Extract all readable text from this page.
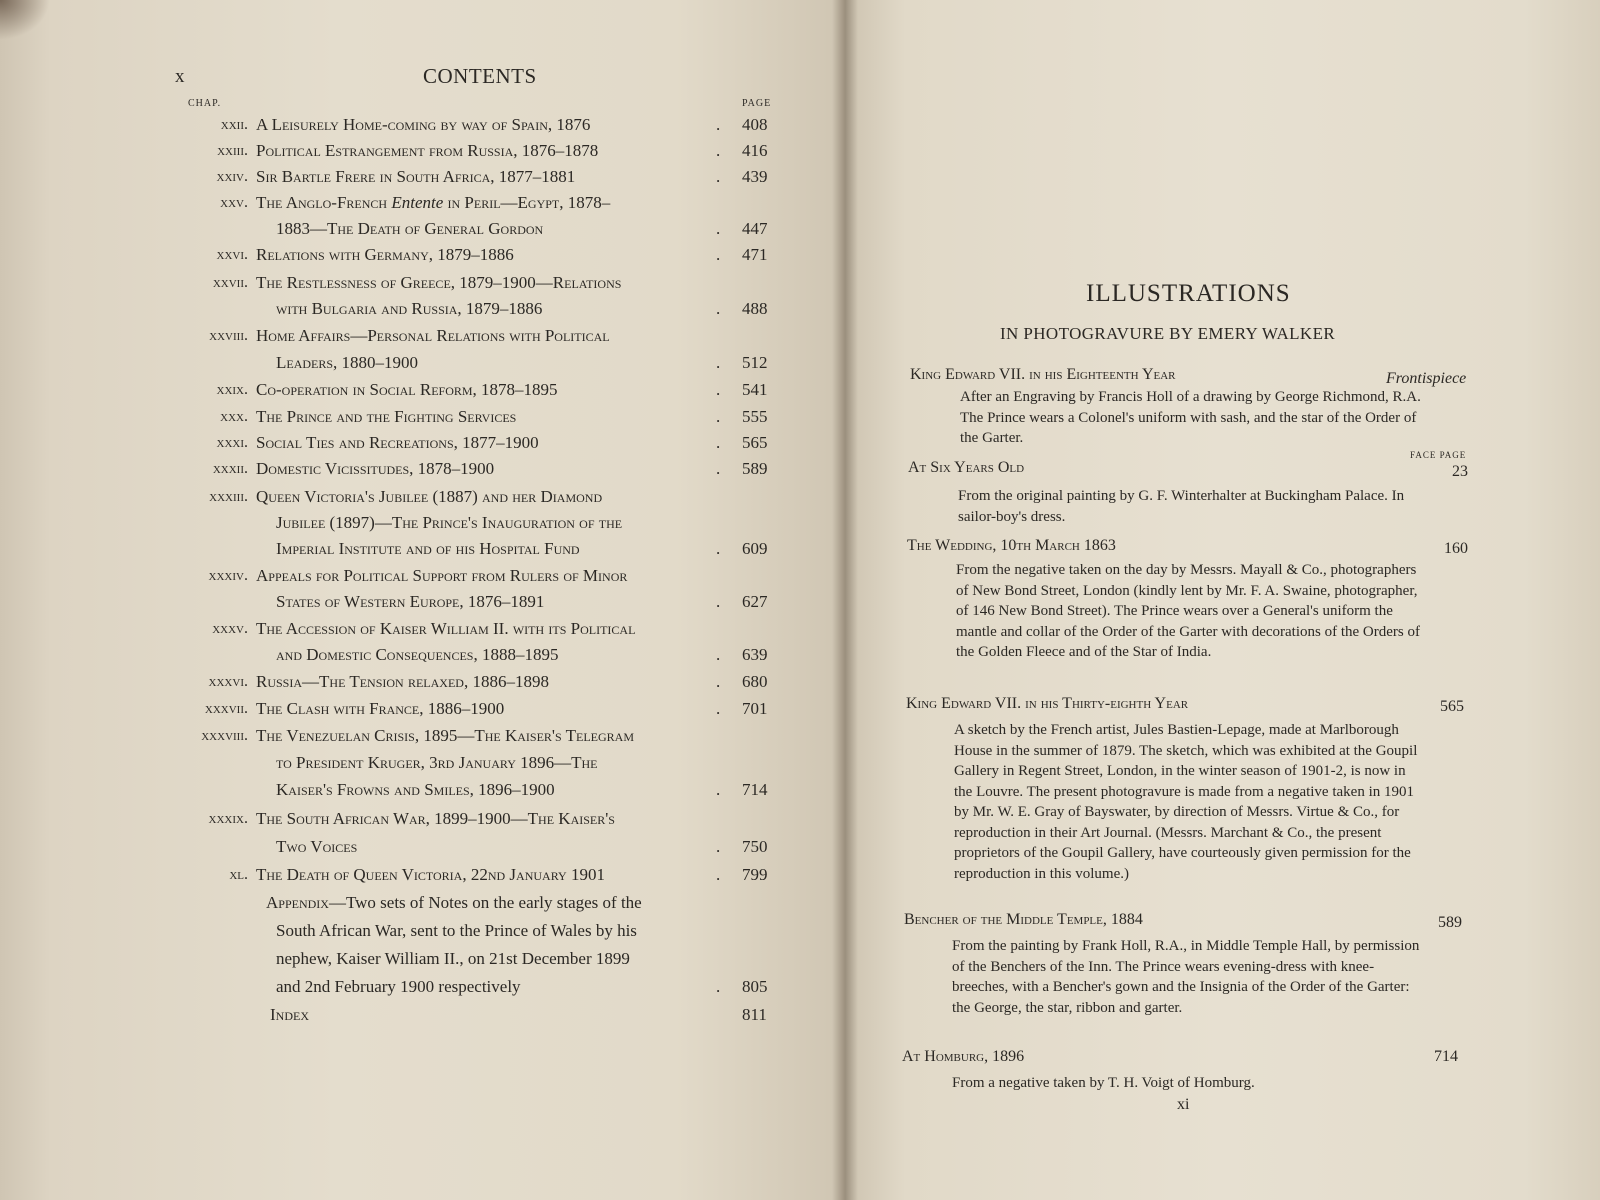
x	CONTENTS
CHAP.	PAGE
xxii. A Leisurely Home-coming by way of Spain, 1876	. 408
xxiii. Political Estrangement from Russia, 1876–1878	. 416
xxiv. Sir Bartle Frere in South Africa, 1877–1881	. 439
xxv. The Anglo-French Entente in Peril—Egypt, 1878–
1883—The Death of General Gordon	. 447
xxvi. Relations with Germany, 1879–1886	. 471
xxvii. The Restlessness of Greece, 1879–1900—Relations
with Bulgaria and Russia, 1879–1886	. 488
xxviii. Home Affairs—Personal Relations with Political
Leaders, 1880–1900	. 512
xxix. Co-operation in Social Reform, 1878–1895	. 541
xxx. The Prince and the Fighting Services	. 555
xxxi. Social Ties and Recreations, 1877–1900	. 565
xxxii. Domestic Vicissitudes, 1878–1900	. 589
xxxiii. Queen Victoria's Jubilee (1887) and her Diamond
Jubilee (1897)—The Prince's Inauguration of the
Imperial Institute and of his Hospital Fund	. 609
xxxiv. Appeals for Political Support from Rulers of Minor
States of Western Europe, 1876–1891	. 627
xxxv. The Accession of Kaiser William II. with its Political
and Domestic Consequences, 1888–1895	. 639
xxxvi. Russia—The Tension relaxed, 1886–1898	. 680
xxxvii. The Clash with France, 1886–1900	. 701
xxxviii. The Venezuelan Crisis, 1895—The Kaiser's Telegram
to President Kruger, 3rd January 1896—The
Kaiser's Frowns and Smiles, 1896–1900	. 714
xxxix. The South African War, 1899–1900—The Kaiser's
Two Voices	. 750
xl. The Death of Queen Victoria, 22nd January 1901	. 799
Appendix—Two sets of Notes on the early stages of the
South African War, sent to the Prince of Wales by his
nephew, Kaiser William II., on 21st December 1899
and 2nd February 1900 respectively	. 805
Index	811
ILLUSTRATIONS
IN PHOTOGRAVURE BY EMERY WALKER
King Edward VII. in his Eighteenth Year	Frontispiece
After an Engraving by Francis Holl of a drawing by George Richmond, R.A. The Prince wears a Colonel's uniform with sash, and the star of the Order of the Garter.
FACE PAGE
At Six Years Old	23
From the original painting by G. F. Winterhalter at Buckingham Palace. In sailor-boy's dress.
The Wedding, 10th March 1863	160
From the negative taken on the day by Messrs. Mayall & Co., photographers of New Bond Street, London (kindly lent by Mr. F. A. Swaine, photographer, of 146 New Bond Street). The Prince wears over a General's uniform the mantle and collar of the Order of the Garter with decorations of the Orders of the Golden Fleece and of the Star of India.
King Edward VII. in his Thirty-eighth Year	565
A sketch by the French artist, Jules Bastien-Lepage, made at Marlborough House in the summer of 1879. The sketch, which was exhibited at the Goupil Gallery in Regent Street, London, in the winter season of 1901-2, is now in the Louvre. The present photogravure is made from a negative taken in 1901 by Mr. W. E. Gray of Bayswater, by direction of Messrs. Virtue & Co., for reproduction in their Art Journal. (Messrs. Marchant & Co., the present proprietors of the Goupil Gallery, have courteously given permission for the reproduction in this volume.)
Bencher of the Middle Temple, 1884	589
From the painting by Frank Holl, R.A., in Middle Temple Hall, by permission of the Benchers of the Inn. The Prince wears evening-dress with knee-breeches, with a Bencher's gown and the Insignia of the Order of the Garter: the George, the star, ribbon and garter.
At Homburg, 1896	714
From a negative taken by T. H. Voigt of Homburg.
xi
